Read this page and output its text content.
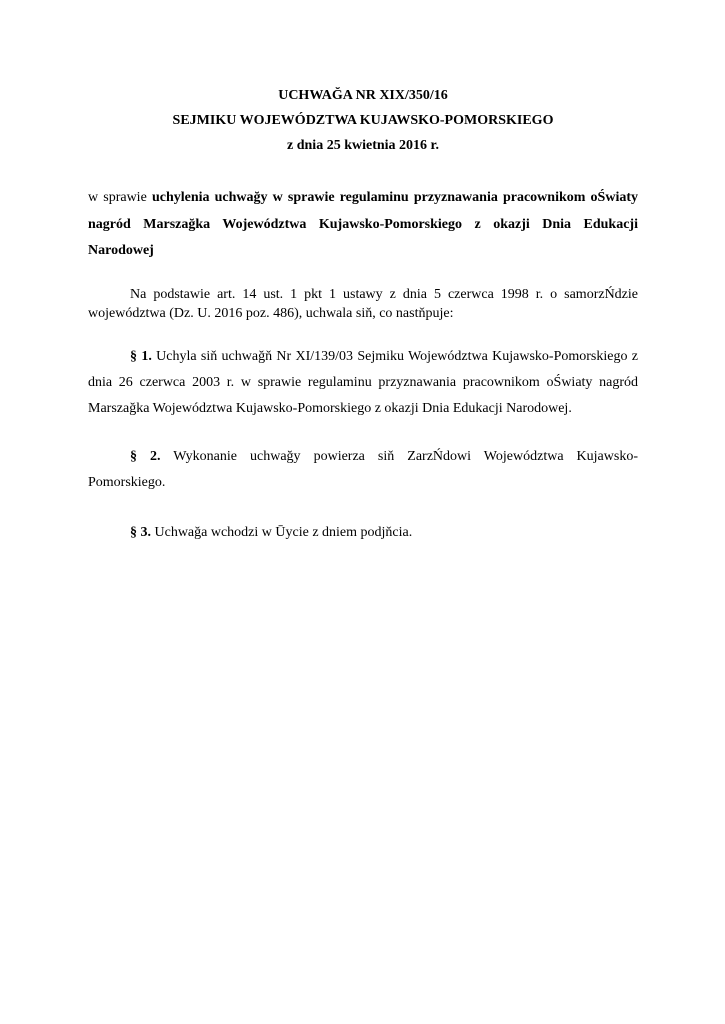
UCHWAĞA NR XIX/350/16
SEJMIKU WOJEWÓDZTWA KUJAWSKO-POMORSKIEGO
z dnia 25 kwietnia 2016 r.
w sprawie uchylenia uchwağy w sprawie regulaminu przyznawania pracownikom oŚwiaty nagród Marszağka Województwa Kujawsko-Pomorskiego z okazji Dnia Edukacji Narodowej
Na podstawie art. 14 ust. 1 pkt 1 ustawy z dnia 5 czerwca 1998 r. o samorzŃdzie województwa (Dz. U. 2016 poz. 486), uchwala siň, co nastňpuje:
§ 1. Uchyla siň uchwağň Nr XI/139/03 Sejmiku Województwa Kujawsko-Pomorskiego z dnia 26 czerwca 2003 r. w sprawie regulaminu przyznawania pracownikom oŚwiaty nagród Marszağka Województwa Kujawsko-Pomorskiego z okazji Dnia Edukacji Narodowej.
§ 2. Wykonanie uchwağy powierza siň ZarzŃdowi Województwa Kujawsko-Pomorskiego.
§ 3. Uchwağa wchodzi w Ūycie z dniem podjňcia.
